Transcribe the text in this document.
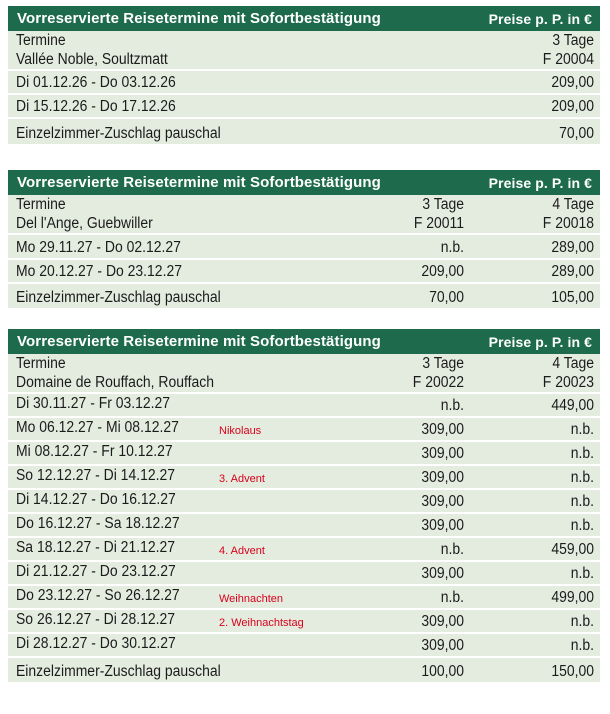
Vorreservierte Reisetermine mit Sofortbestätigung	Preise p. P. in €
Termine	3 Tage
Vallée Noble, Soultzmatt	F 20004
Di 01.12.26 - Do 03.12.26	209,00
Di 15.12.26 - Do 17.12.26	209,00
Einzelzimmer-Zuschlag pauschal	70,00
Vorreservierte Reisetermine mit Sofortbestätigung	Preise p. P. in €
Termine	3 Tage	4 Tage
Del l'Ange, Guebwiller	F 20011	F 20018
Mo 29.11.27 - Do 02.12.27	n.b.	289,00
Mo 20.12.27 - Do 23.12.27	209,00	289,00
Einzelzimmer-Zuschlag pauschal	70,00	105,00
Vorreservierte Reisetermine mit Sofortbestätigung	Preise p. P. in €
Termine	3 Tage	4 Tage
Domaine de Rouffach, Rouffach	F 20022	F 20023
Di 30.11.27 - Fr 03.12.27	n.b.	449,00
Mo 06.12.27 - Mi 08.12.27	Nikolaus	309,00	n.b.
Mi 08.12.27 - Fr 10.12.27	309,00	n.b.
So 12.12.27 - Di 14.12.27	3. Advent	309,00	n.b.
Di 14.12.27 - Do 16.12.27	309,00	n.b.
Do 16.12.27 - Sa 18.12.27	309,00	n.b.
Sa 18.12.27 - Di 21.12.27	4. Advent	n.b.	459,00
Di 21.12.27 - Do 23.12.27	309,00	n.b.
Do 23.12.27 - So 26.12.27	Weihnachten	n.b.	499,00
So 26.12.27 - Di 28.12.27	2. Weihnachtstag	309,00	n.b.
Di 28.12.27 - Do 30.12.27	309,00	n.b.
Einzelzimmer-Zuschlag pauschal	100,00	150,00
